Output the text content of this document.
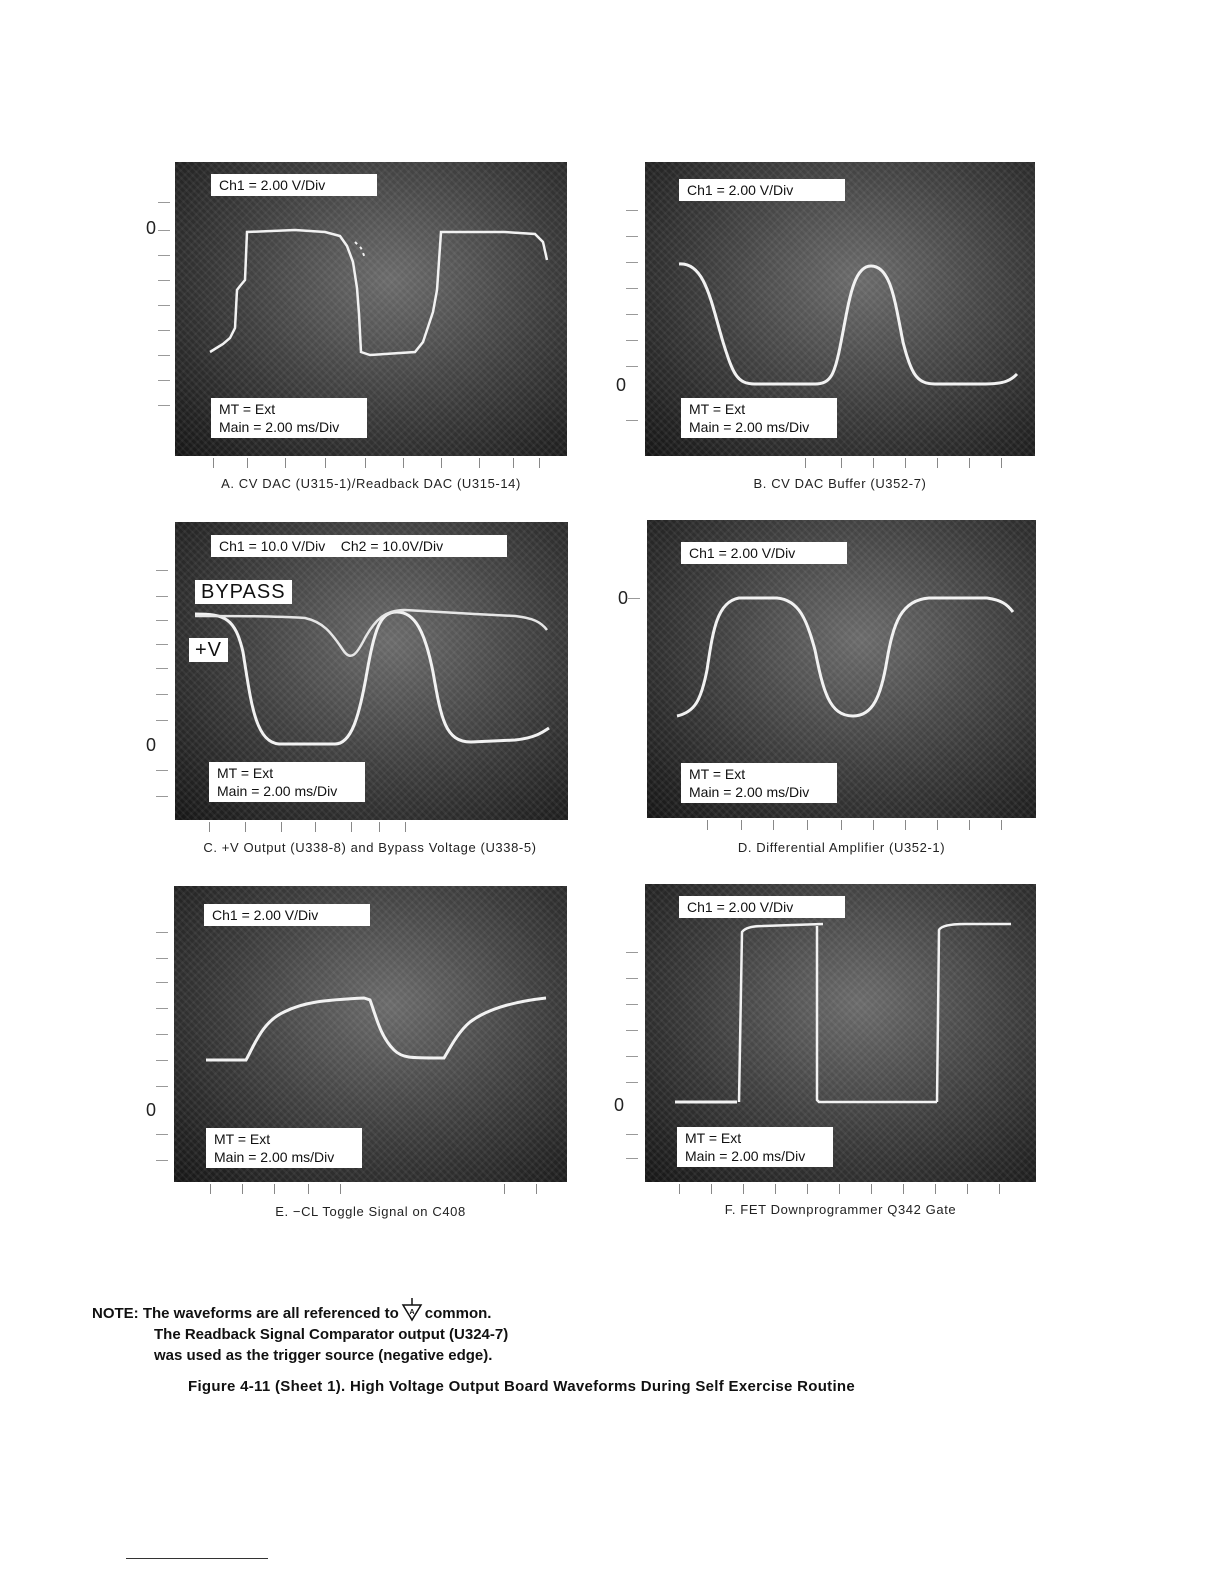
0
Ch1 = 2.00 V/Div
MT = Ext
Main = 2.00 ms/Div
A. CV DAC (U315-1)/Readback DAC (U315-14)
0
Ch1 = 2.00 V/Div
MT = Ext
Main = 2.00 ms/Div
B. CV DAC Buffer (U352-7)
0
Ch1 = 10.0 V/Div    Ch2 = 10.0V/Div
BYPASS
+V
MT = Ext
Main = 2.00 ms/Div
C. +V Output (U338-8) and Bypass Voltage (U338-5)
0
Ch1 = 2.00 V/Div
MT = Ext
Main = 2.00 ms/Div
D. Differential Amplifier (U352-1)
0
Ch1 = 2.00 V/Div
MT = Ext
Main = 2.00 ms/Div
E. −CL Toggle Signal on C408
0
Ch1 = 2.00 V/Div
MT = Ext
Main = 2.00 ms/Div
F. FET Downprogrammer Q342 Gate
NOTE: The waveforms are all referenced to A common.
The Readback Signal Comparator output (U324-7)
was used as the trigger source (negative edge).
Figure 4-11 (Sheet 1). High Voltage Output Board Waveforms During Self Exercise Routine
